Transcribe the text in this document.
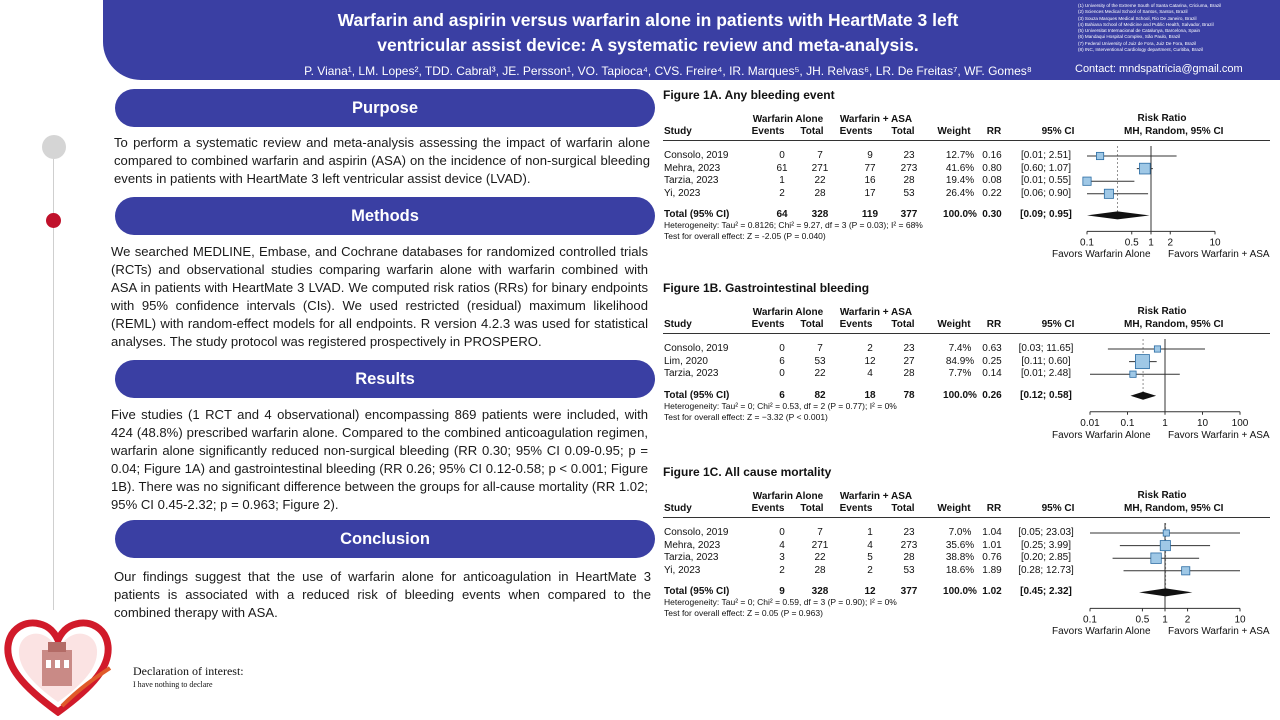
Warfarin and aspirin versus warfarin alone in patients with HeartMate 3 left
ventricular assist device: A systematic review and meta-analysis.
P. Viana¹, LM. Lopes², TDD. Cabral³, JE. Persson¹, VO. Tapioca⁴, CVS. Freire⁴, IR. Marques⁵, JH. Relvas⁶, LR. De Freitas⁷, WF. Gomes⁸
(1) University of the Extreme South of Santa Catarina, Criciuma, Brazil
(2) Sciences Medical School of Santos, Santos, Brazil
(3) Souza Marques Medical School, Rio De Janeiro, Brazil
(4) Bahiana School of Medicine and Public Health, Salvador, Brazil
(5) Universitat Internacional de Catalunya, Barcelona, Spain
(6) Mandaqui Hospital Complex, São Paulo, Brazil
(7) Federal University of Juiz de Fora, Juiz De Fora, Brazil
(8) INC, Interventional Cardiology department, Curitiba, Brazil
Contact: mndspatricia@gmail.com
Purpose
To perform a systematic review and meta-analysis assessing the impact of warfarin alone compared to combined warfarin and aspirin (ASA) on the incidence of non-surgical bleeding events in patients with HeartMate 3 left ventricular assist device (LVAD).
Methods
We searched MEDLINE, Embase, and Cochrane databases for randomized controlled trials (RCTs) and observational studies comparing warfarin alone with warfarin combined with ASA in patients with HeartMate 3 LVAD. We computed risk ratios (RRs) for binary endpoints with 95% confidence intervals (CIs). We used restricted (residual) maximum likelihood (REML) with random-effect models for all endpoints. R version 4.2.3 was used for statistical analyses. The study protocol was registered prospectively in PROSPERO.
Results
Five studies (1 RCT and 4 observational) encompassing 869 patients were included, with 424 (48.8%) prescribed warfarin alone. Compared to the combined anticoagulation regimen, warfarin alone significantly reduced non-surgical bleeding (RR 0.30; 95% CI 0.09-0.95; p = 0.04; Figure 1A) and gastrointestinal bleeding (RR 0.26; 95% CI 0.12-0.58; p < 0.001; Figure 1B). There was no significant difference between the groups for all-cause mortality (RR 1.02; 95% CI 0.45-2.32; p = 0.963; Figure 2).
Conclusion
Our findings suggest that the use of warfarin alone for anticoagulation in HeartMate 3 patients is associated with a reduced risk of bleeding events when compared to the combined therapy with ASA.
Declaration of interest:
I have nothing to declare
Figure 1A. Any bleeding event
Warfarin Alone	Warfarin + ASA	Risk Ratio
Study	Events	Total	Events	Total	Weight	RR	95% CI	MH, Random, 95% CI
Consolo, 2019	0	7	9	23	12.7% 0.16	[0.01; 2.51]
Mehra, 2023	61	271	77	273	41.6% 0.80	[0.60; 1.07]
Tarzia, 2023	1	22	16	28	19.4% 0.08	[0.01; 0.55]
Yi, 2023	2	28	17	53	26.4% 0.22	[0.06; 0.90]
Total (95% CI)	64	328	119	377	100.0% 0.30	[0.09; 0.95]
Heterogeneity: Tau² = 0.8126; Chi² = 9.27, df = 3 (P = 0.03); I² = 68%
Test for overall effect: Z = -2.05 (P = 0.040)
0.1	0.5 1 2	10
Favors Warfarin Alone Favors Warfarin + ASA
Figure 1B. Gastrointestinal bleeding
Warfarin Alone	Warfarin + ASA	Risk Ratio
Study	Events	Total	Events	Total	Weight	RR	95% CI	MH, Random, 95% CI
Consolo, 2019	0	7	2	23	7.4%	0.63	[0.03; 11.65]
Lim, 2020	6	53	12	27	84.9% 0.25	[0.11; 0.60]
Tarzia, 2023	0	22	4	28	7.7%	0.14	[0.01; 2.48]
Total (95% CI)	6	82	18	78	100.0% 0.26	[0.12; 0.58]
Heterogeneity: Tau² = 0; Chi² = 0.53, df = 2 (P = 0.77); I² = 0%
Test for overall effect: Z = −3.32 (P < 0.001)
0.01 0.1	1	10 100
Favors Warfarin Alone Favors Warfarin + ASA
Figure 1C. All cause mortality
Warfarin Alone	Warfarin + ASA	Risk Ratio
Study	Events	Total	Events	Total	Weight	RR	95% CI	MH, Random, 95% CI
Consolo, 2019	0	7	1	23	7.0%	1.04	[0.05; 23.03]
Mehra, 2023	4	271	4	273	35.6% 1.01	[0.25; 3.99]
Tarzia, 2023	3	22	5	28	38.8% 0.76	[0.20; 2.85]
Yi, 2023	2	28	2	53	18.6% 1.89	[0.28; 12.73]
Total (95% CI)	9	328	12	377	100.0% 1.02	[0.45; 2.32]
Heterogeneity: Tau² = 0; Chi² = 0.59, df = 3 (P = 0.90); I² = 0%
Test for overall effect: Z = 0.05 (P = 0.963)
0.1	0.5 1 2	10
Favors Warfarin Alone Favors Warfarin + ASA
